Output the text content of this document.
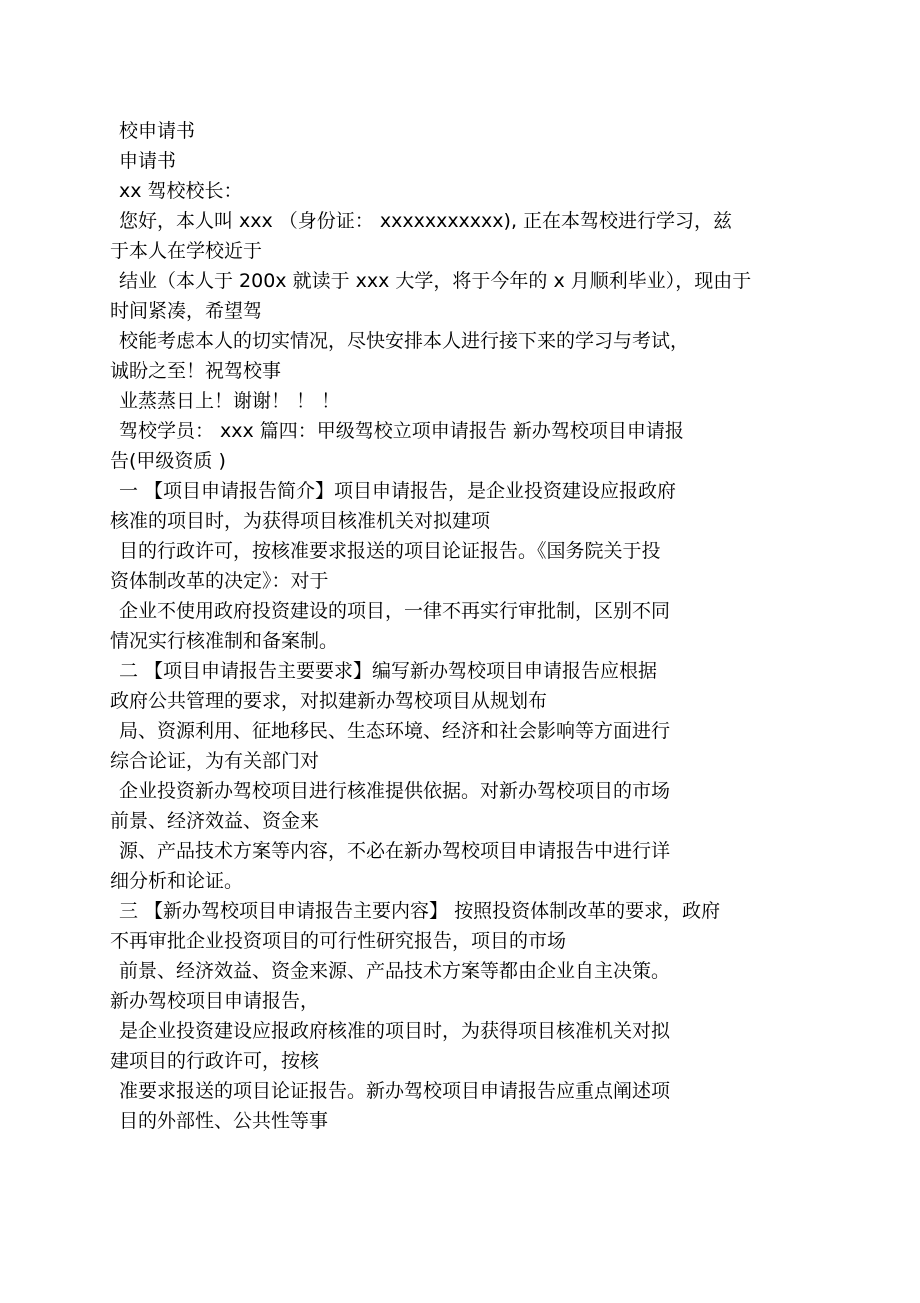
校申请书
申请书
xx 驾校校长：
您好，本人叫 xxx （身份证： xxxxxxxxxxx), 正在本驾校进行学习，兹
于本人在学校近于
结业（本人于 200x 就读于 xxx 大学，将于今年的 x 月顺利毕业），现由于
时间紧凑，希望驾
校能考虑本人的切实情况，尽快安排本人进行接下来的学习与考试，
诚盼之至！祝驾校事
业蒸蒸日上！谢谢！ ！ ！
驾校学员： xxx 篇四：甲级驾校立项申请报告 新办驾校项目申请报
告(甲级资质 )
一 【项目申请报告简介】项目申请报告，是企业投资建设应报政府
核准的项目时，为获得项目核准机关对拟建项
目的行政许可，按核准要求报送的项目论证报告。《国务院关于投
资体制改革的决定》：对于
企业不使用政府投资建设的项目，一律不再实行审批制，区别不同
情况实行核准制和备案制。
二 【项目申请报告主要要求】编写新办驾校项目申请报告应根据
政府公共管理的要求，对拟建新办驾校项目从规划布
局、资源利用、征地移民、生态环境、经济和社会影响等方面进行
综合论证，为有关部门对
企业投资新办驾校项目进行核准提供依据。对新办驾校项目的市场
前景、经济效益、资金来
源、产品技术方案等内容，不必在新办驾校项目申请报告中进行详
细分析和论证。
三 【新办驾校项目申请报告主要内容】 按照投资体制改革的要求，政府
不再审批企业投资项目的可行性研究报告，项目的市场
前景、经济效益、资金来源、产品技术方案等都由企业自主决策。
新办驾校项目申请报告，
是企业投资建设应报政府核准的项目时，为获得项目核准机关对拟
建项目的行政许可，按核
准要求报送的项目论证报告。新办驾校项目申请报告应重点阐述项
目的外部性、公共性等事
